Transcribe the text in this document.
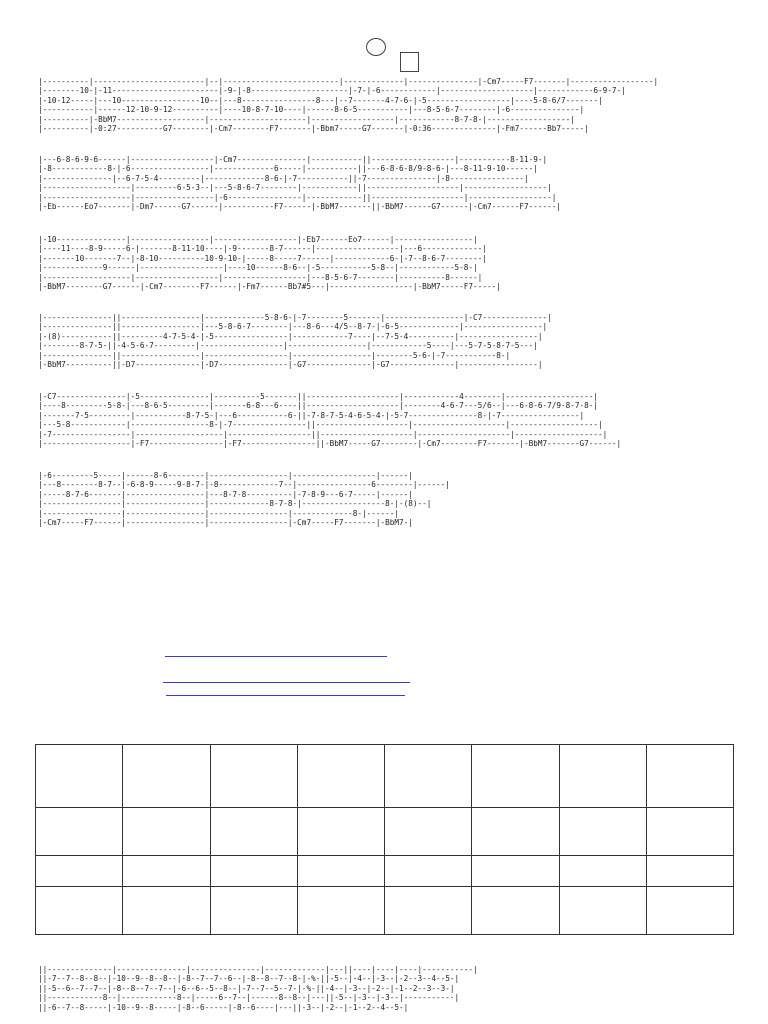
|----------|------------------------|--|-------------------------|-------------|---------------|-Cm7-----F7-------|------------------|
|--------10-|-11-----------------------|-9-|-8---------------------|-7-|-6------------|--------------------|------------6-9-7-|
|-10-12-----|---10-----------------10--|---8----------------8---|--7-------4-7-6-|-5------------------|----5-8-6/7-------|
|-----------|------12-10-9-12----------|----10-8-7-10----|------8-6-5-----------|---8-5-6-7--------|-6---------------|
|----------|-BbM7-------------------|---------------------|------------------|------------8-7-8-|------------------|
|----------|-0:27----------G7--------|-Cm7--------F7-------|-Bbm7-----G7-------|-0:36--------------|-Fm7------Bb7-----|
|---6-8-6-9-6------|------------------|-Cm7---------------|-----------||------------------|-----------8-11-9-|
|-8------------8-|-6-----------------|-------------6-----|-----------||---6-8-6-8/9-8-6-|---8-11-9-10------|
|---------------|--6-7-5-4---------|-------------8-6-|-7-----------||-7---------------|-8----------------|
|-------------------|---------6-5-3--|---5-8-6-7--------|------------||--------------------|------------------|
|-------------------|-----------------|-6----------------|------------||--------------------|------------------|
|-Eb------Eo7-------|-Dm7------G7------|-----------F7------|-BbM7-------||-BbM7------G7------|-Cm7------F7------|
|-10---------------|-----------------|------------------|-Eb7------Eo7------|-----------------|
|----11----8-9-----6-|-------8-11-10----|-9-------8-7------|------------------|---6-------------|
|-------10-------7--|-8-10----------10-9-10-|-----8-----7------|------------6-|-7--8-6-7--------|
|-------------9------|------------------|----10------8-6--|-5-----------5-8--|------------5-8-|
|-------------------|------------------|------------------|---8-5-6-7--------|----------8------|
|-BbM7--------G7------|-Cm7--------F7------|-Fm7------Bb7#5---|------------------|-BbM7-----F7-----|
|---------------||-----------------|-------------5-8-6-|-7--------5-------|-----------------|-C7--------------|
|---------------||-----------------|---5-8-6-7--------|---8-6---4/5--8-7-|-6-5-------------|-----------------|
|-(8)-----------||---------4-7-5-4-|-5----------------|------------7----|--7-5-4----------|-----------------|
|--------8-7-5-||-4-5-6-7---------|------------------|-----------------|------------5----|---5-7-5-8-7-5---|
|---------------||-----------------|------------------|-----------------|--------5-6-|-7-----------8-|
|-BbM7----------||-D7--------------|-D7---------------|-G7--------------|-G7--------------|-----------------|
|-C7---------------|-5---------------|----------5-------||--------------------|------------4--------|-------------------|
|----8---------5-8-|---8-6-5---------|-------6-8---6----||--------------------|--------4-6-7---5/6--|---6-8-6-7/9-8-7-8-|
|-------7-5---------|-----------8-7-5-|---6-----------6-||-7-8-7-5-4-6-5-4-|-5-7---------------8-|-7-----------------|
|---5-8------------|-----------------8-|-7----------------||--------------------|--------------------|-------------------|
|-7-----------------|-------------------|------------------||--------------------|--------------------|-------------------|
|-------------------|-F7----------------|-F7----------------||-BbM7-----G7--------|-Cm7--------F7-------|-BbM7-------G7------|
|-6---------5-----|------8-6--------|-----------------|------------------|------|
|---8--------8-7--|-6-8-9-----9-8-7-|-8-------------7--|----------------6--------|------|
|-----8-7-6-------|-----------------|---8-7-8----------|-7-8-9---6-7-----|------|
|-----------------|-----------------|-------------8-7-8-|------------------8-|-(8)--|
|-----------------|-----------------|-----------------|-------------8-|------|
|-Cm7-----F7------|-----------------|-----------------|-Cm7-----F7-------|-BbM7-|

||--------------|---------------|---------------|-------------|---||----|----|----|-----------|
||-7--7--8--8--|-10--9--8--8--|-8--7--7--6--|-8--8--7--8-|-%-||-5--|-4--|-3--|-2--3--4--5-|
||-5--6--7--7--|-8--8--7--7--|-6--6--5--8--|-7--7--5--7-|-%-||-4--|-3--|-2--|-1--2--3--3-|
||------------8--|------------8--|-----6--7--|------8--8--|---||-5--|-3--|-3--|-----------|
||-6--7--8-----|-10--9--8-----|-8--6-----|-8--6----|---||-3--|-2--|-1--2--4--5-|
